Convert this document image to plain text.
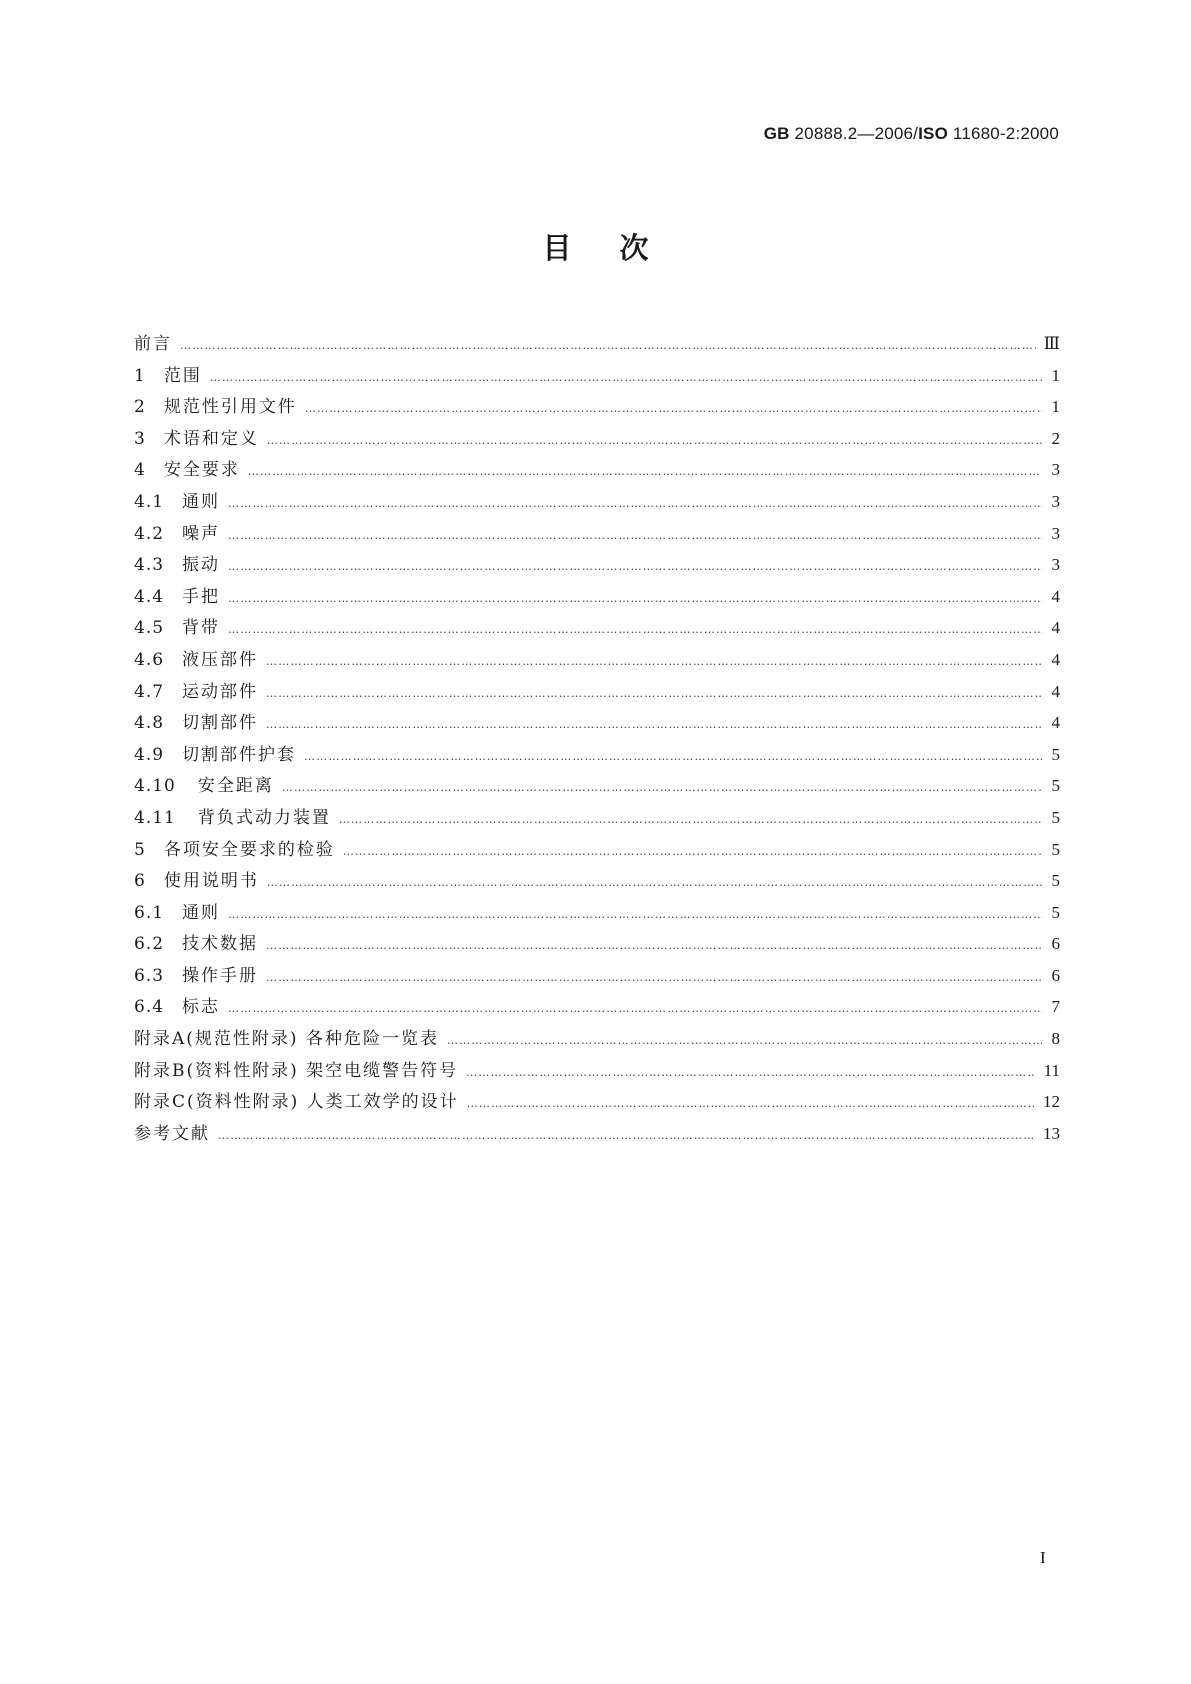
GB 20888.2—2006/ISO 11680-2:2000
目次
前言 …………………………………………………………………………………………………………………………………………………………………………………………………………………	Ⅲ
1 范围 …………………………………………………………………………………………………………………………………………………………………………………………………………………	1
2 规范性引用文件 …………………………………………………………………………………………………………………………………………………………………………………………………………………	1
3 术语和定义 …………………………………………………………………………………………………………………………………………………………………………………………………………………	2
4 安全要求 …………………………………………………………………………………………………………………………………………………………………………………………………………………	3
4.1 通则 …………………………………………………………………………………………………………………………………………………………………………………………………………………	3
4.2 噪声 …………………………………………………………………………………………………………………………………………………………………………………………………………………	3
4.3 振动 …………………………………………………………………………………………………………………………………………………………………………………………………………………	3
4.4 手把 …………………………………………………………………………………………………………………………………………………………………………………………………………………	4
4.5 背带 …………………………………………………………………………………………………………………………………………………………………………………………………………………	4
4.6 液压部件 …………………………………………………………………………………………………………………………………………………………………………………………………………………	4
4.7 运动部件 …………………………………………………………………………………………………………………………………………………………………………………………………………………	4
4.8 切割部件 …………………………………………………………………………………………………………………………………………………………………………………………………………………	4
4.9 切割部件护套 …………………………………………………………………………………………………………………………………………………………………………………………………………………	5
4.10 安全距离 …………………………………………………………………………………………………………………………………………………………………………………………………………………	5
4.11 背负式动力装置 …………………………………………………………………………………………………………………………………………………………………………………………………………………	5
5 各项安全要求的检验 …………………………………………………………………………………………………………………………………………………………………………………………………………………	5
6 使用说明书 …………………………………………………………………………………………………………………………………………………………………………………………………………………	5
6.1 通则 …………………………………………………………………………………………………………………………………………………………………………………………………………………	5
6.2 技术数据 …………………………………………………………………………………………………………………………………………………………………………………………………………………	6
6.3 操作手册 …………………………………………………………………………………………………………………………………………………………………………………………………………………	6
6.4 标志 …………………………………………………………………………………………………………………………………………………………………………………………………………………	7
附录A(规范性附录) 各种危险一览表 …………………………………………………………………………………………………………………………………………………………………………………………………………………	8
附录B(资料性附录) 架空电缆警告符号 …………………………………………………………………………………………………………………………………………………………………………………………………………………	11
附录C(资料性附录) 人类工效学的设计 …………………………………………………………………………………………………………………………………………………………………………………………………………………	12
参考文献 …………………………………………………………………………………………………………………………………………………………………………………………………………………	13
I
